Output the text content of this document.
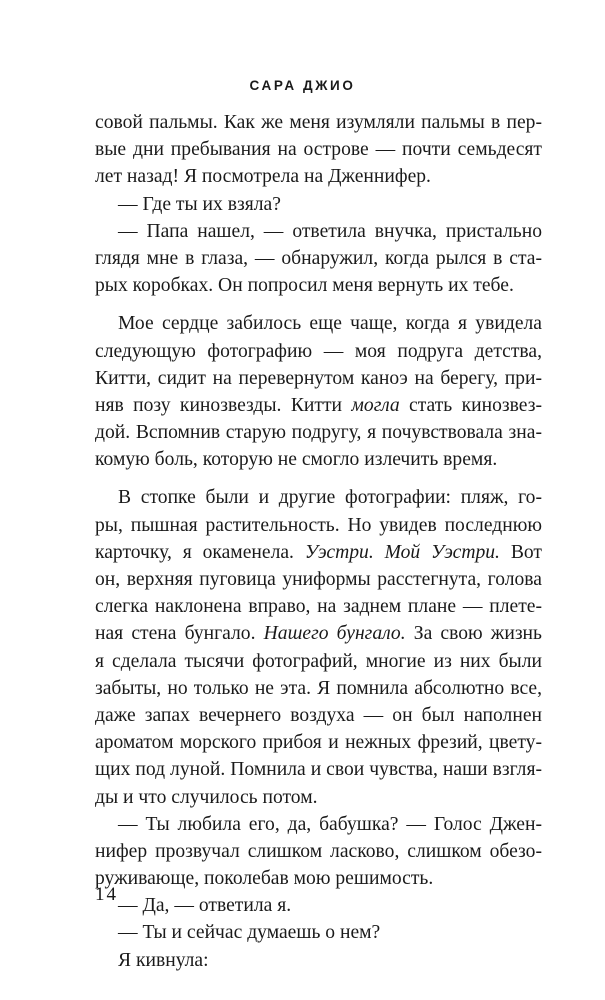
САРА ДЖИО
совой пальмы. Как же меня изумляли пальмы в пер-
вые дни пребывания на острове — почти семьдесят
лет назад! Я посмотрела на Дженнифер.
— Где ты их взяла?
— Папа нашел, — ответила внучка, пристально
глядя мне в глаза, — обнаружил, когда рылся в ста-
рых коробках. Он попросил меня вернуть их тебе.
Мое сердце забилось еще чаще, когда я увидела
следующую фотографию — моя подруга детства,
Китти, сидит на перевернутом каноэ на берегу, при-
няв позу кинозвезды. Китти могла стать кинозвез-
дой. Вспомнив старую подругу, я почувствовала зна-
комую боль, которую не смогло излечить время.
В стопке были и другие фотографии: пляж, го-
ры, пышная растительность. Но увидев последнюю
карточку, я окаменела. Уэстри. Мой Уэстри. Вот
он, верхняя пуговица униформы расстегнута, голова
слегка наклонена вправо, на заднем плане — плете-
ная стена бунгало. Нашего бунгало. За свою жизнь
я сделала тысячи фотографий, многие из них были
забыты, но только не эта. Я помнила абсолютно все,
даже запах вечернего воздуха — он был наполнен
ароматом морского прибоя и нежных фрезий, цвету-
щих под луной. Помнила и свои чувства, наши взгля-
ды и что случилось потом.
— Ты любила его, да, бабушка? — Голос Джен-
нифер прозвучал слишком ласково, слишком обезо-
руживающе, поколебав мою решимость.
— Да, — ответила я.
— Ты и сейчас думаешь о нем?
Я кивнула:
14
